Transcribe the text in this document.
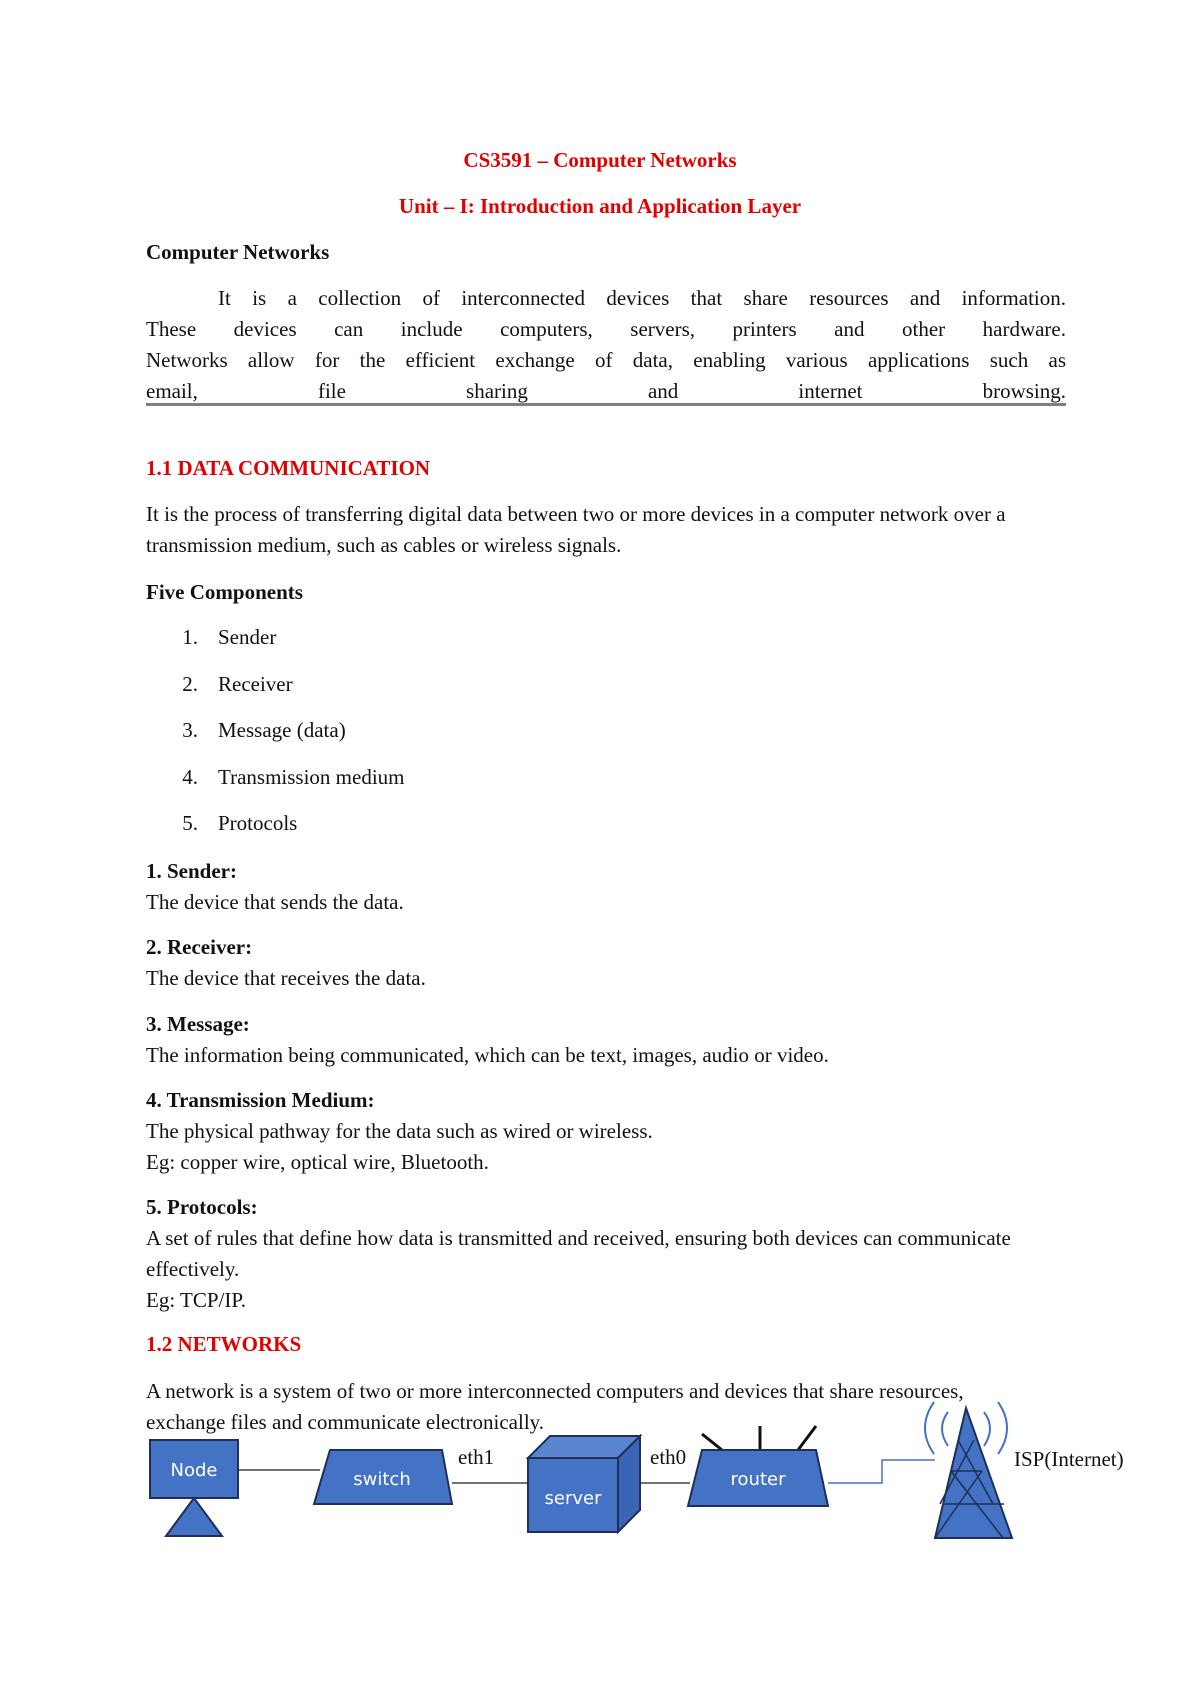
CS3591 – Computer Networks
Unit – I: Introduction and Application Layer
Computer Networks
It is a collection of interconnected devices that share resources and information.
These devices can include computers, servers, printers and other hardware.
Networks allow for the efficient exchange of data, enabling various applications such as
email, file sharing and internet browsing.
1.1 DATA COMMUNICATION
It is the process of transferring digital data between two or more devices in a computer network over a transmission medium, such as cables or wireless signals.
Five Components
1. Sender
2. Receiver
3. Message (data)
4. Transmission medium
5. Protocols
1. Sender:
The device that sends the data.
2. Receiver:
The device that receives the data.
3. Message:
The information being communicated, which can be text, images, audio or video.
4. Transmission Medium:
The physical pathway for the data such as wired or wireless.
Eg: copper wire, optical wire, Bluetooth.
5. Protocols:
A set of rules that define how data is transmitted and received, ensuring both devices can communicate effectively.
Eg: TCP/IP.
1.2 NETWORKS
A network is a system of two or more interconnected computers and devices that share resources, exchange files and communicate electronically.
Node	switch
eth1
server
eth0
router
ISP(Internet)
